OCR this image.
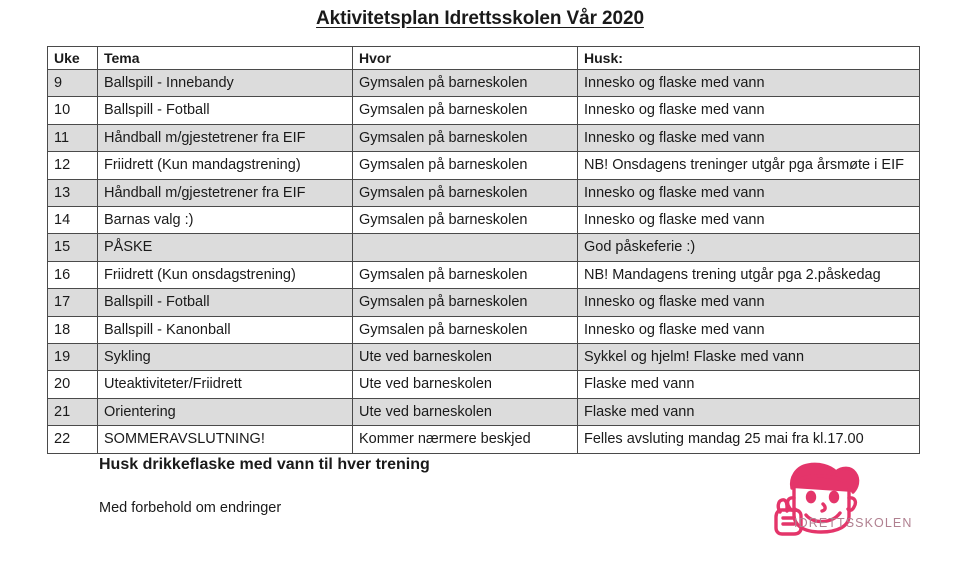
Aktivitetsplan Idrettsskolen Vår 2020
Uke	Tema	Hvor	Husk:
9	Ballspill - Innebandy	Gymsalen på barneskolen	Innesko og flaske med vann
10	Ballspill - Fotball	Gymsalen på barneskolen	Innesko og flaske med vann
11	Håndball m/gjestetrener fra EIF	Gymsalen på barneskolen	Innesko og flaske med vann
12	Friidrett (Kun mandagstrening)	Gymsalen på barneskolen	NB! Onsdagens treninger utgår pga årsmøte i EIF
13	Håndball m/gjestetrener fra EIF	Gymsalen på barneskolen	Innesko og flaske med vann
14	Barnas valg :)	Gymsalen på barneskolen	Innesko og flaske med vann
15	PÅSKE		God påskeferie :)
16	Friidrett (Kun onsdagstrening)	Gymsalen på barneskolen	NB! Mandagens trening utgår pga 2.påskedag
17	Ballspill - Fotball	Gymsalen på barneskolen	Innesko og flaske med vann
18	Ballspill - Kanonball	Gymsalen på barneskolen	Innesko og flaske med vann
19	Sykling	Ute ved barneskolen	Sykkel og hjelm! Flaske med vann
20	Uteaktiviteter/Friidrett	Ute ved barneskolen	Flaske med vann
21	Orientering	Ute ved barneskolen	Flaske med vann
22	SOMMERAVSLUTNING!	Kommer nærmere beskjed	Felles avsluting mandag 25 mai fra kl.17.00
Husk drikkeflaske med vann til hver trening
Med forbehold om endringer
IDRETTSSKOLEN
